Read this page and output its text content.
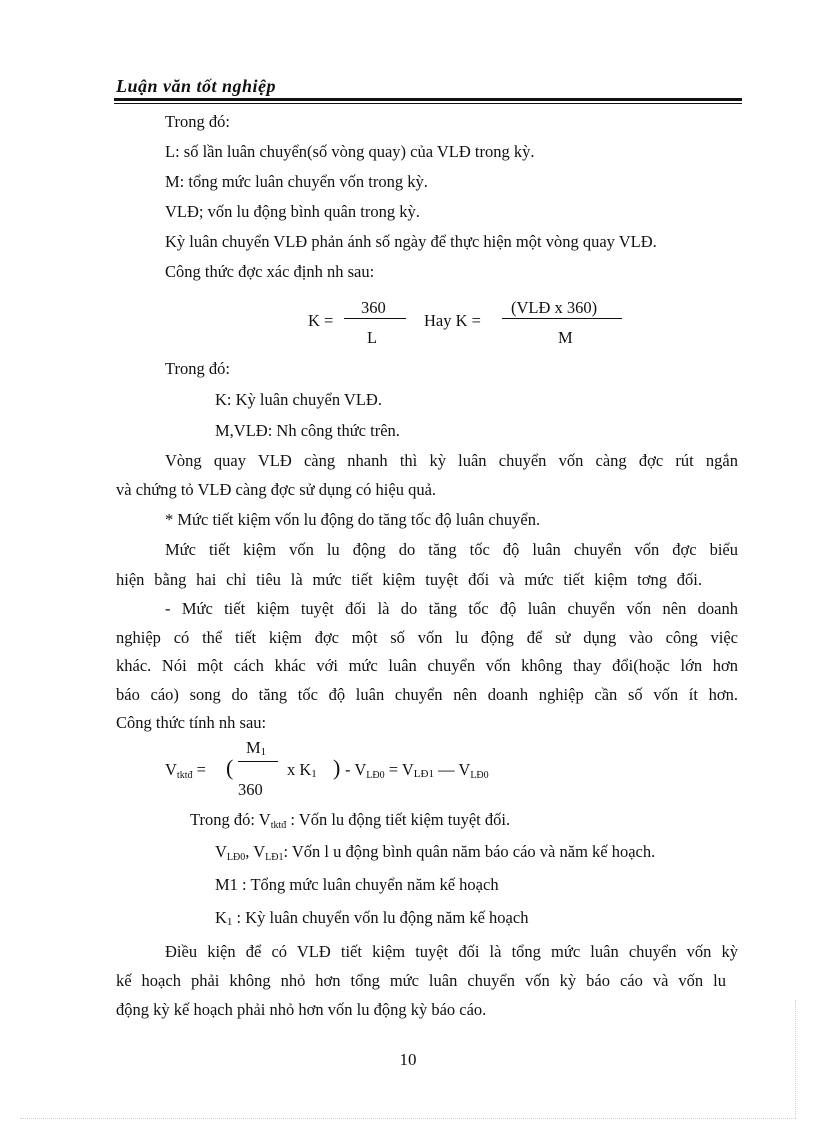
Luận văn tốt nghiệp
Trong đó:
L: số lần luân chuyển(số vòng quay) của VLĐ trong kỳ.
M: tổng mức luân chuyển vốn trong kỳ.
VLĐ; vốn lu động bình quân trong kỳ.
Kỳ luân chuyển VLĐ phản ánh số ngày để thực hiện một vòng quay VLĐ.
Công thức đợc xác định nh sau:
K =
360
L
Hay K =
(VLĐ x 360)
M
Trong đó:
K: Kỳ luân chuyển VLĐ.
M,VLĐ: Nh công thức trên.
Vòng quay VLĐ càng nhanh thì kỳ luân chuyển vốn càng đợc rút ngắn
và chứng tỏ VLĐ càng đợc sử dụng có hiệu quả.
* Mức tiết kiệm vốn lu động do tăng tốc độ luân chuyển.
Mức tiết kiệm vốn lu động do tăng tốc độ luân chuyển vốn đợc biểu
hiện bằng hai chỉ tiêu là mức tiết kiệm tuyệt đối và mức tiết kiệm tơng đối.
- Mức tiết kiệm tuyệt đối là do tăng tốc độ luân chuyển vốn nên doanh
nghiệp có thể tiết kiệm đợc một số vốn lu động để sử dụng vào công việc
khác. Nói một cách khác với mức luân chuyển vốn không thay đổi(hoặc lớn hơn
báo cáo) song do tăng tốc độ luân chuyển nên doanh nghiệp cần số vốn ít hơn.
Công thức tính nh sau:
Vtktđ = (
M1
360
x K1 ) - VLĐ0 = VLĐ1 — VLĐ0
Trong đó: Vtktđ : Vốn lu động tiết kiệm tuyệt đối.
VLĐ0, VLĐ1: Vốn l u động bình quân năm báo cáo và năm kế hoạch.
M1 : Tổng mức luân chuyển năm kế hoạch
K1 : Kỳ luân chuyển vốn lu động năm kế hoạch
Điều kiện để có VLĐ tiết kiệm tuyệt đối là tổng mức luân chuyển vốn kỳ
kế hoạch phải không nhỏ hơn tổng mức luân chuyển vốn kỳ báo cáo và vốn lu
động kỳ kế hoạch phải nhỏ hơn vốn lu động kỳ báo cáo.
10
